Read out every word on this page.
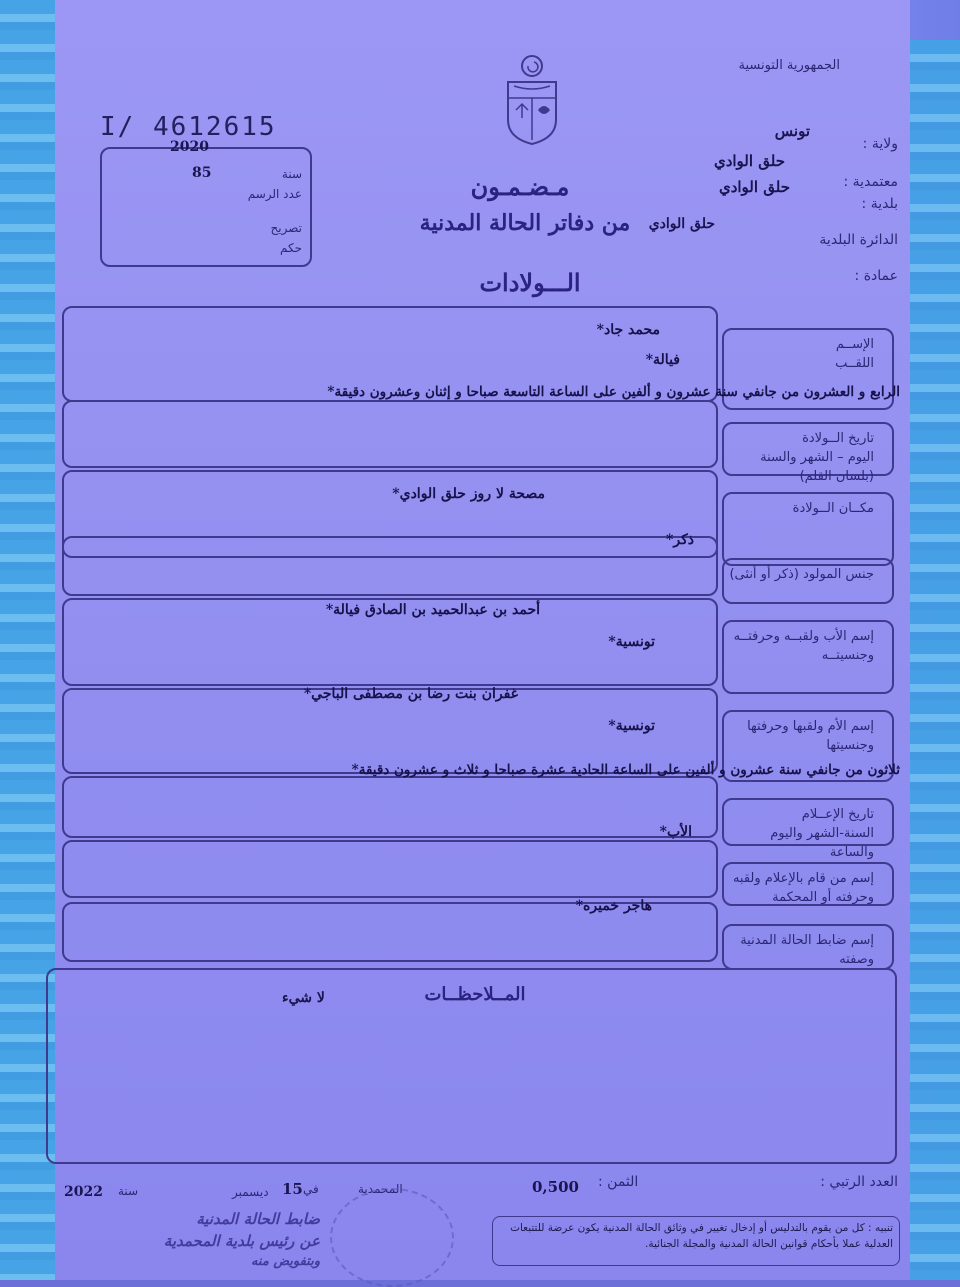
الجمهورية التونسية
I/ 4612615
سنة
2020
85
عدد الرسم
تصريح
حكم
ولاية :
تونس
حلق الوادي
معتمدية :
حلق الوادي
بلدية :
الدائرة البلدية
حلق الوادي
عمادة :
مـضـمـون
من دفاتر الحالة المدنية
الـــولادات
الإســم
اللقــب
محمد جاد*
فيالة*
تاريخ الــولادة
اليوم – الشهر والسنة
(بلسان القلم)
الرابع و العشرون من جانفي سنة عشرون و ألفين على الساعة التاسعة صباحا و إثنان وعشرون دقيقة*
مكــان الــولادة
مصحة لا روز حلق الوادي*
جنس المولود (ذكر أو أنثى)
ذكر*
إسم الأب ولقبــه وحرفتــه
وجنسيتــه
أحمد بن عبدالحميد بن الصادق فيالة*
تونسية*
إسم الأم ولقبها وحرفتها
وجنسيتها
غفران بنت رضا بن مصطفى الباجي*
تونسية*
تاريخ الإعــلام
السنة-الشهر واليوم والساعة
ثلاثون من جانفي سنة عشرون و ألفين على الساعة الحادية عشرة صباحا و ثلاث و عشرون دقيقة*
إسم من قام بالإعلام ولقبه
وحرفته أو المحكمة
الأب*
إسم ضابط الحالة المدنية
وصفته
هاجر خميره*
المــلاحظــات
لا شيء
العدد الرتبي :
الثمن :
0,500
المحمدية
في
15
ديسمبر
سنة
2022
ضابط الحالة المدنية
عن رئيس بلدية المحمدية
وبتفويض منه
تنبيه : كل من يقوم بالتدليس أو إدخال تغيير في وثائق الحالة المدنية يكون عرضة للتتبعات العدلية عملا بأحكام قوانين الحالة المدنية والمجلة الجنائية.
